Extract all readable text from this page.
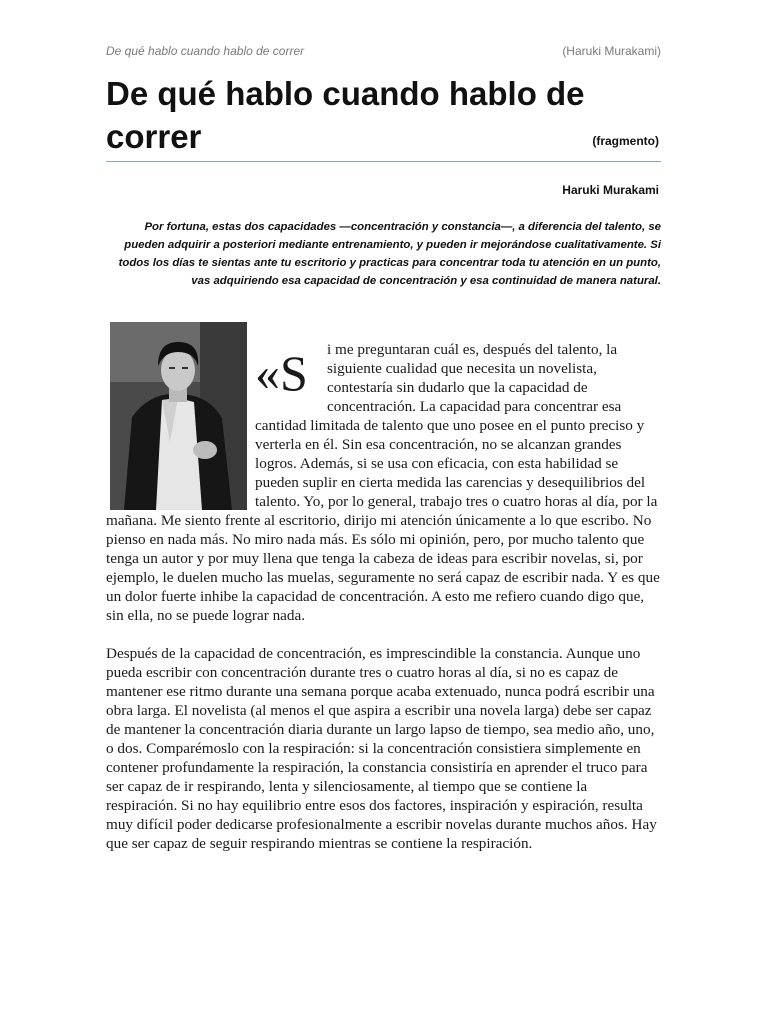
De qué hablo cuando hablo de correr	(Haruki Murakami)
De qué hablo cuando hablo de correr	(fragmento)
Haruki Murakami

Por fortuna, estas dos capacidades —concentración y constancia—, a diferencia del talento, se pueden adquirir a posteriori mediante entrenamiento, y pueden ir mejorándose cualitativamente. Si todos los días te sientas ante tu escritorio y practicas para concentrar toda tu atención en un punto, vas adquiriendo esa capacidad de concentración y esa continuidad de manera natural.

«S	i me preguntaran cuál es, después del talento, la siguiente cualidad que necesita un novelista, contestaría sin dudarlo que la capacidad de concentración. La capacidad para concentrar esa cantidad limitada de talento que uno posee en el punto preciso y verterla en él. Sin esa concentración, no se alcanzan grandes logros. Además, si se usa con eficacia, con esta habilidad se pueden suplir en cierta medida las carencias y desequilibrios del talento. Yo, por lo general, trabajo tres o cuatro horas al día, por la mañana. Me siento frente al escritorio, dirijo mi atención únicamente a lo que escribo. No pienso en nada más. No miro nada más. Es sólo mi opinión, pero, por mucho talento que tenga un autor y por muy llena que tenga la cabeza de ideas para escribir novelas, si, por ejemplo, le duelen mucho las muelas, seguramente no será capaz de escribir nada. Y es que un dolor fuerte inhibe la capacidad de concentración. A esto me refiero cuando digo que, sin ella, no se puede lograr nada.

Después de la capacidad de concentración, es imprescindible la constancia. Aunque uno pueda escribir con concentración durante tres o cuatro horas al día, si no es capaz de mantener ese ritmo durante una semana porque acaba extenuado, nunca podrá escribir una obra larga. El novelista (al menos el que aspira a escribir una novela larga) debe ser capaz de mantener la concentración diaria durante un largo lapso de tiempo, sea medio año, uno, o dos. Comparémoslo con la respiración: si la concentración consistiera simplemente en contener profundamente la respiración, la constancia consistiría en aprender el truco para ser capaz de ir respirando, lenta y silenciosamente, al tiempo que se contiene la respiración. Si no hay equilibrio entre esos dos factores, inspiración y espiración, resulta muy difícil poder dedicarse profesionalmente a escribir novelas durante muchos años. Hay que ser capaz de seguir respirando mientras se contiene la respiración.
